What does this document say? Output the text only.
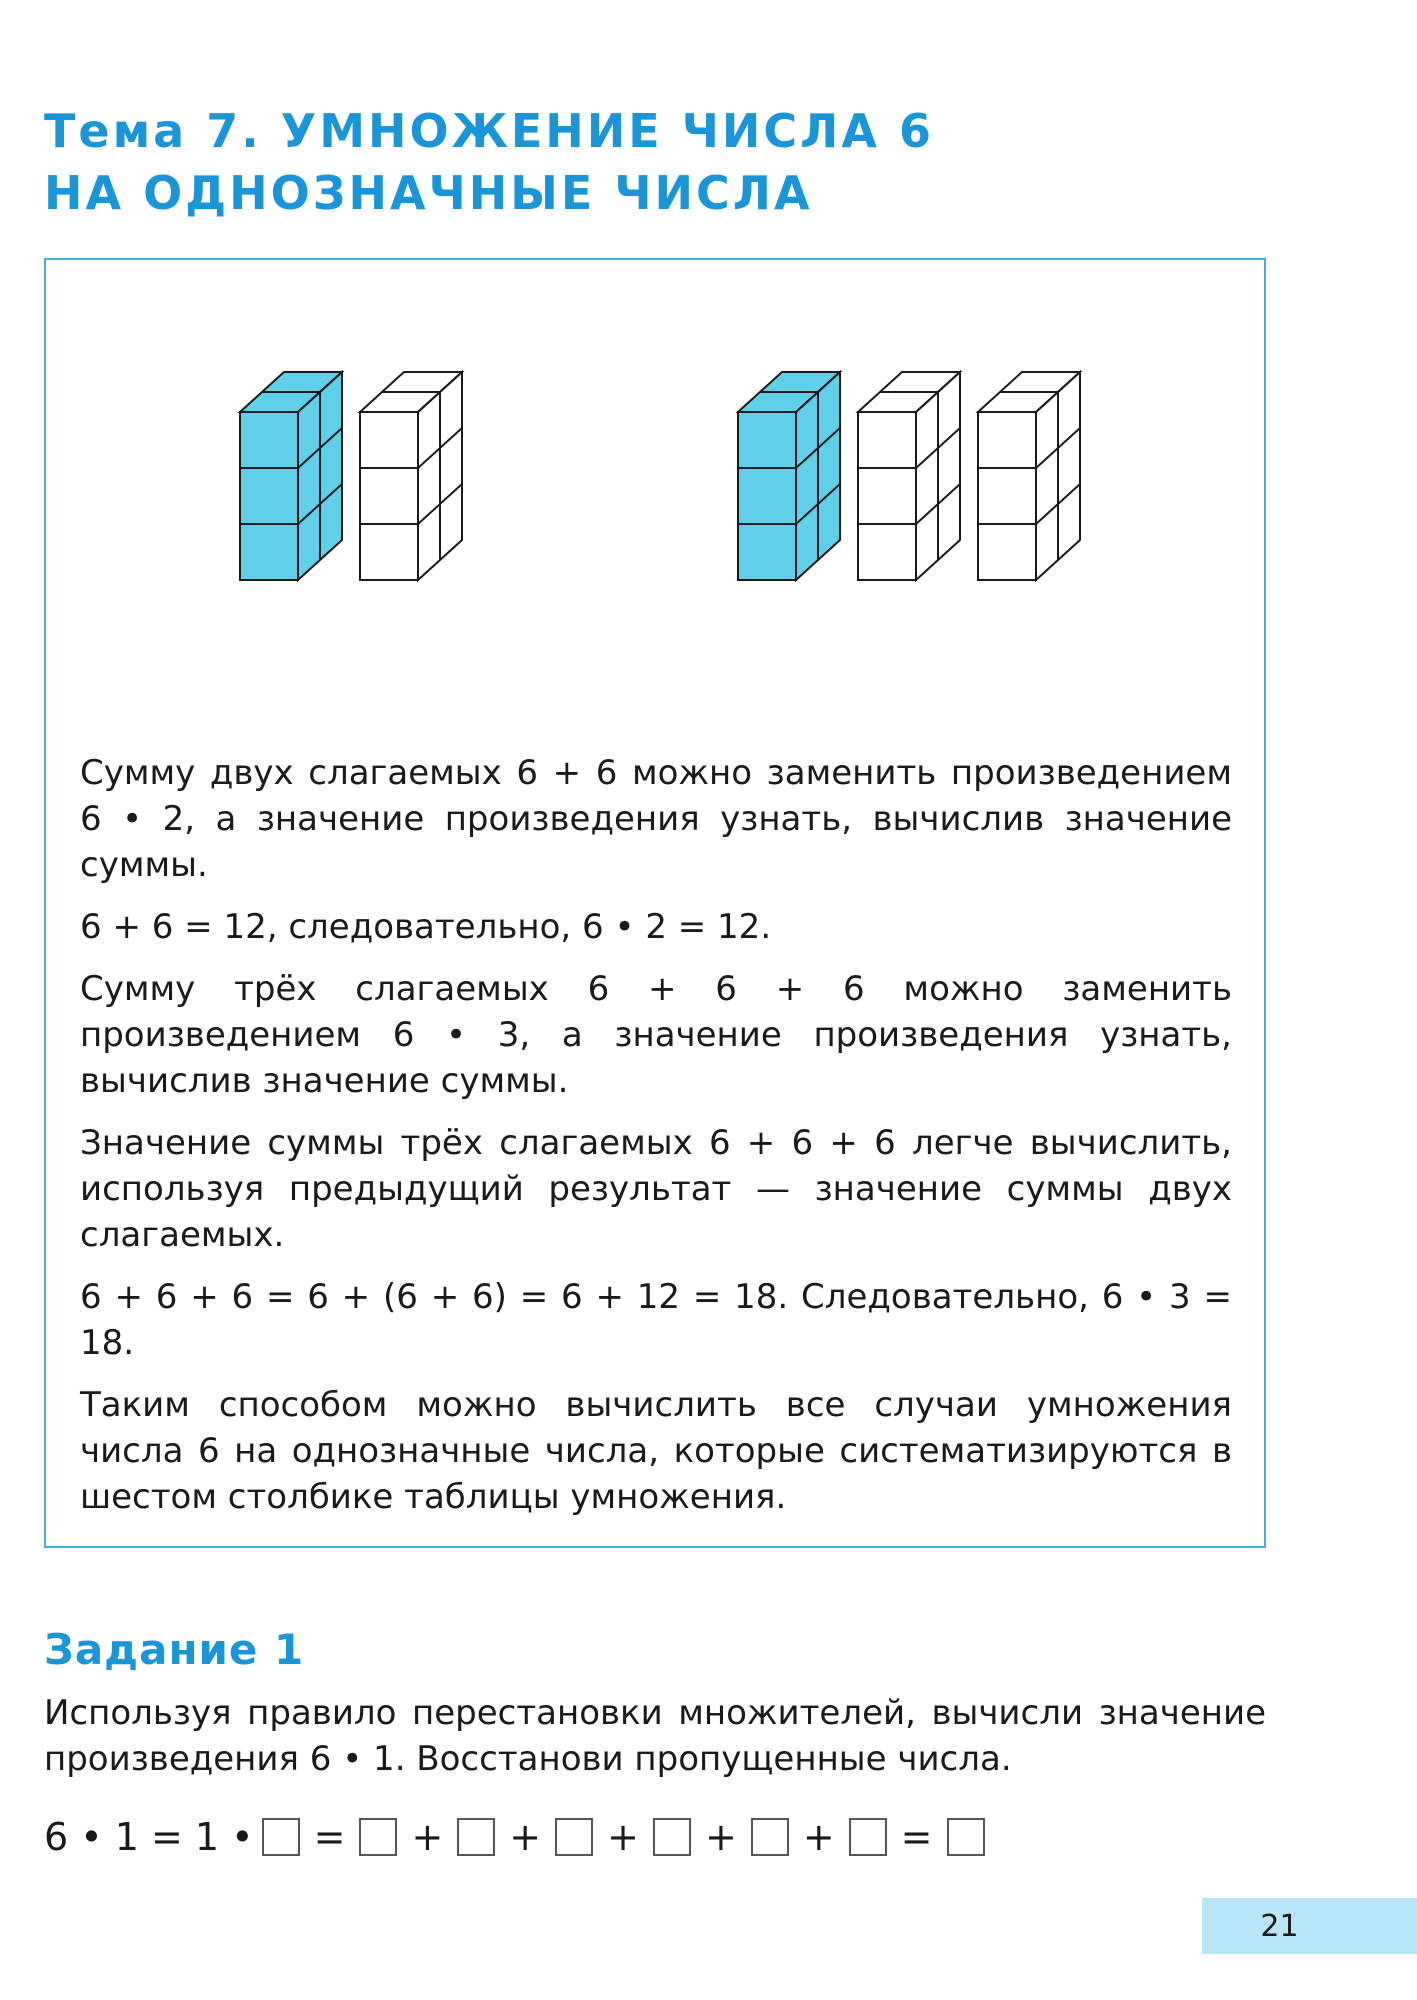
Тема 7. УМНОЖЕНИЕ ЧИСЛА 6
НА ОДНОЗНАЧНЫЕ ЧИСЛА

Сумму двух слагаемых 6 + 6 можно заменить произведением 6 • 2, а значение произведения узнать, вычислив значение суммы.

6 + 6 = 12, следовательно, 6 • 2 = 12.

Сумму трёх слагаемых 6 + 6 + 6 можно заменить произведением 6 • 3, а значение произведения узнать, вычислив значение суммы.

Значение суммы трёх слагаемых 6 + 6 + 6 легче вычислить, используя предыдущий результат — значение суммы двух слагаемых.

6 + 6 + 6 = 6 + (6 + 6) = 6 + 12 = 18. Следовательно, 6 • 3 = 18.

Таким способом можно вычислить все случаи умножения числа 6 на однозначные числа, которые систематизируются в шестом столбике таблицы умножения.

Задание 1

Используя правило перестановки множителей, вычисли значение произведения 6 • 1. Восстанови пропущенные числа.

6 • 1 = 1 • = + + + + + =
21
